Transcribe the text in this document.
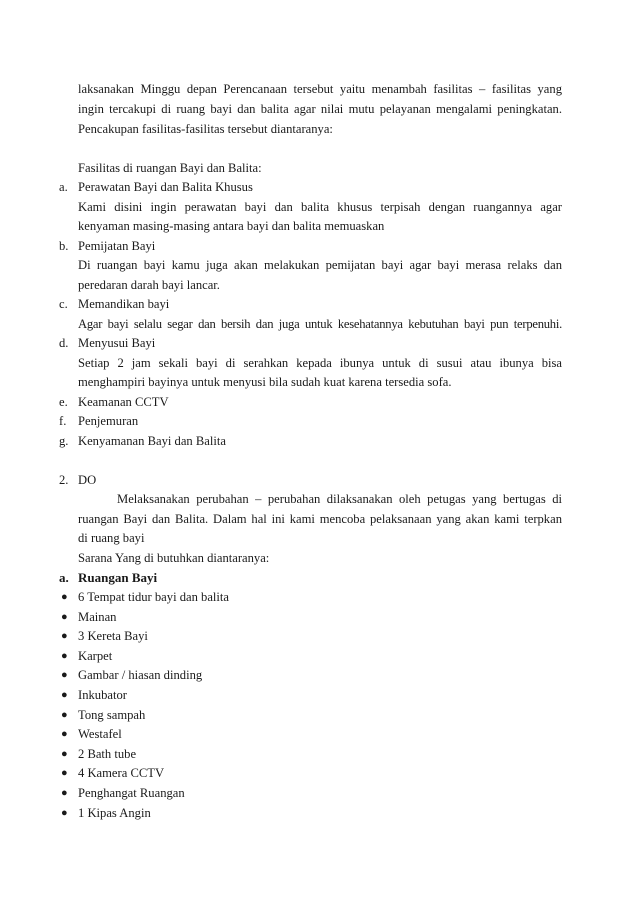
laksanakan Minggu depan Perencanaan tersebut yaitu menambah fasilitas – fasilitas yang
ingin tercakupi di ruang bayi dan balita agar nilai mutu pelayanan mengalami peningkatan.
Pencakupan fasilitas-fasilitas tersebut diantaranya:
Fasilitas di ruangan Bayi dan Balita:
a. Perawatan Bayi dan Balita Khusus
Kami disini ingin perawatan bayi dan balita khusus terpisah dengan ruangannya agar
kenyaman masing-masing antara bayi dan balita memuaskan
b. Pemijatan Bayi
Di ruangan bayi kamu juga akan melakukan pemijatan bayi agar bayi merasa relaks dan
peredaran darah bayi lancar.
c. Memandikan bayi
Agar bayi selalu segar dan bersih dan juga untuk kesehatannya kebutuhan bayi pun terpenuhi.
d. Menyusui Bayi
Setiap 2 jam sekali bayi di serahkan kepada ibunya untuk di susui atau ibunya bisa
menghampiri bayinya untuk menyusi bila sudah kuat karena tersedia sofa.
e. Keamanan CCTV
f. Penjemuran
g. Kenyamanan Bayi dan Balita
2. DO
Melaksanakan perubahan – perubahan dilaksanakan oleh petugas yang bertugas di
ruangan Bayi dan Balita. Dalam hal ini kami mencoba pelaksanaan yang akan kami terpkan
di ruang bayi
Sarana Yang di butuhkan diantaranya:
a. Ruangan Bayi
● 6 Tempat tidur bayi dan balita
● Mainan
● 3 Kereta Bayi
● Karpet
● Gambar / hiasan dinding
● Inkubator
● Tong sampah
● Westafel
● 2 Bath tube
● 4 Kamera CCTV
● Penghangat Ruangan
● 1 Kipas Angin
